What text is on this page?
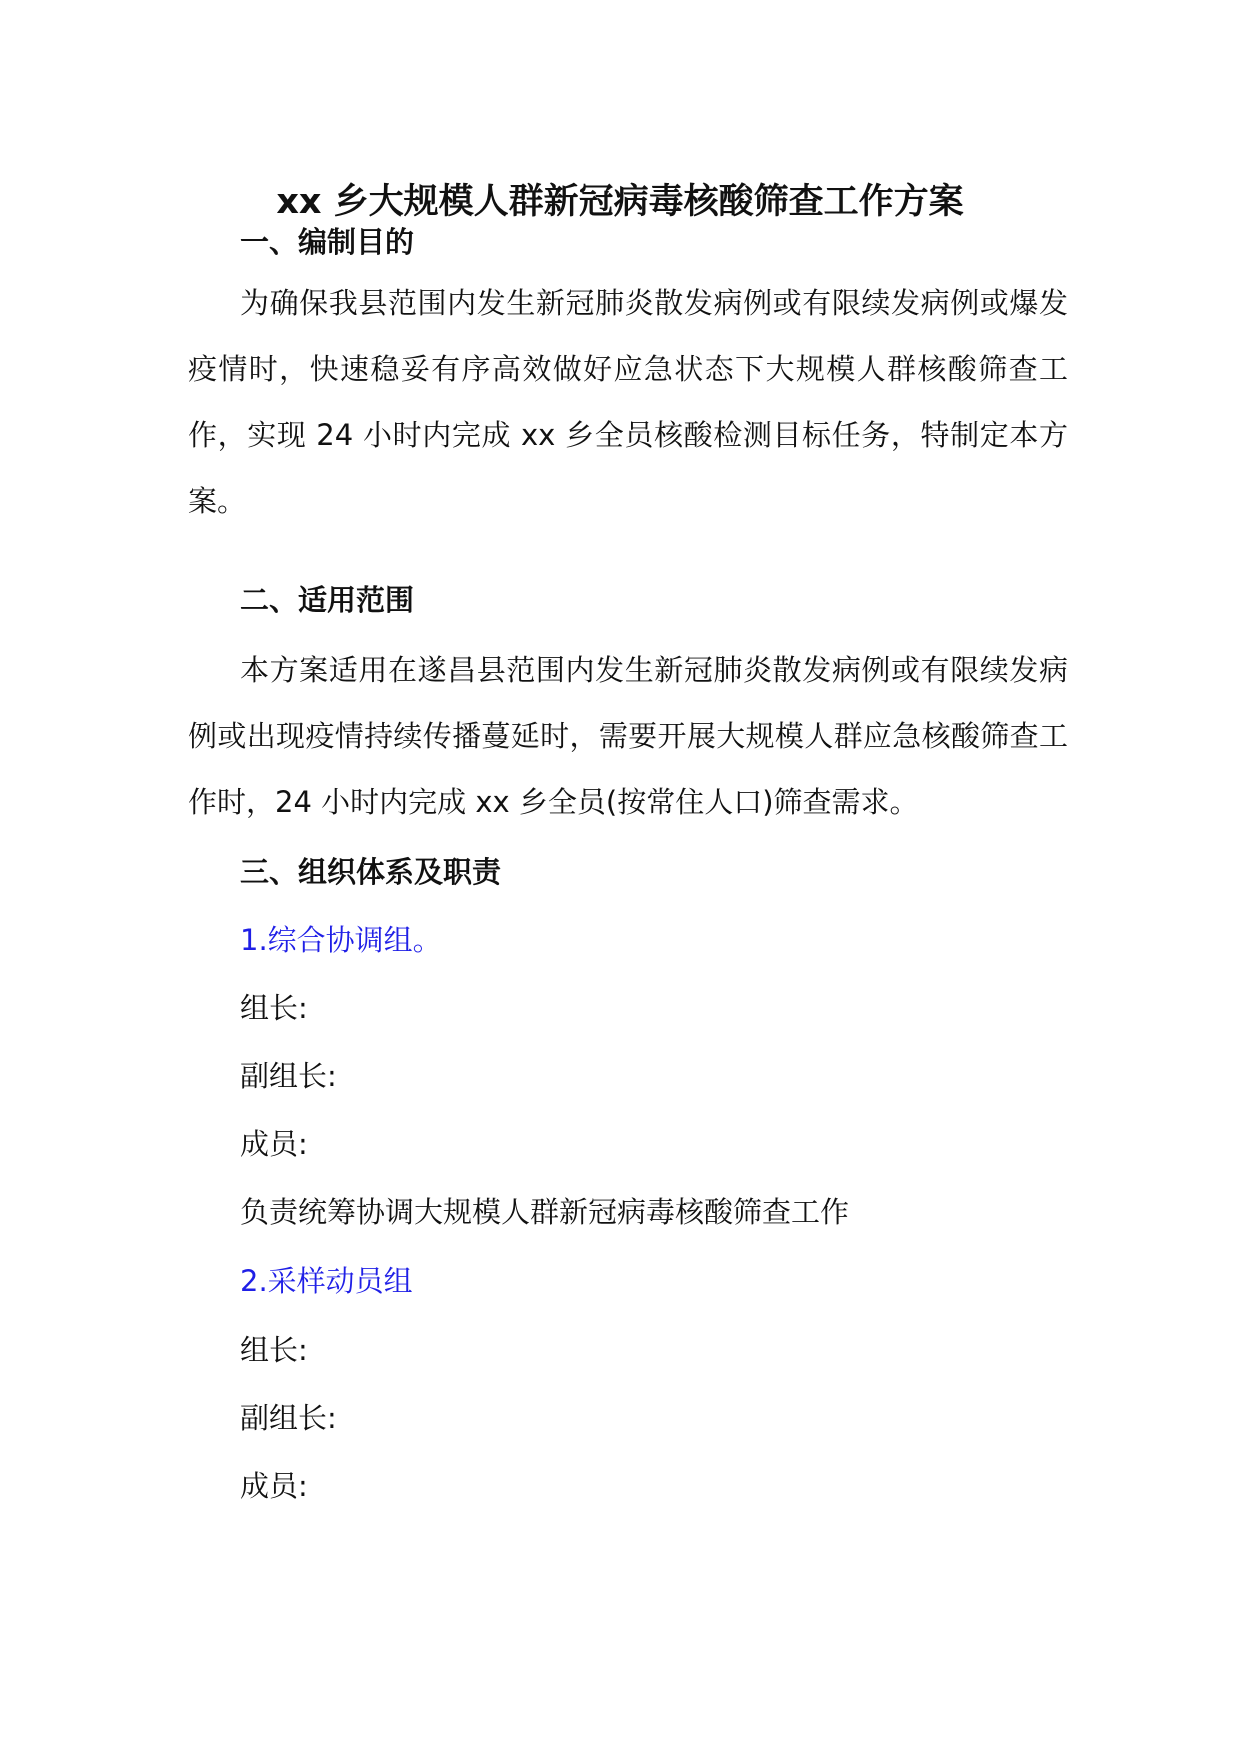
xx 乡大规模人群新冠病毒核酸筛查工作方案
一、编制目的

为确保我县范围内发生新冠肺炎散发病例或有限续发病例或爆发疫情时，快速稳妥有序高效做好应急状态下大规模人群核酸筛查工作，实现 24 小时内完成 xx 乡全员核酸检测目标任务，特制定本方案。

二、适用范围

本方案适用在遂昌县范围内发生新冠肺炎散发病例或有限续发病例或出现疫情持续传播蔓延时，需要开展大规模人群应急核酸筛查工作时，24 小时内完成 xx 乡全员(按常住人口)筛查需求。

三、组织体系及职责

1.综合协调组。

组长:

副组长:

成员:

负责统筹协调大规模人群新冠病毒核酸筛查工作

2.采样动员组

组长:

副组长:

成员:
